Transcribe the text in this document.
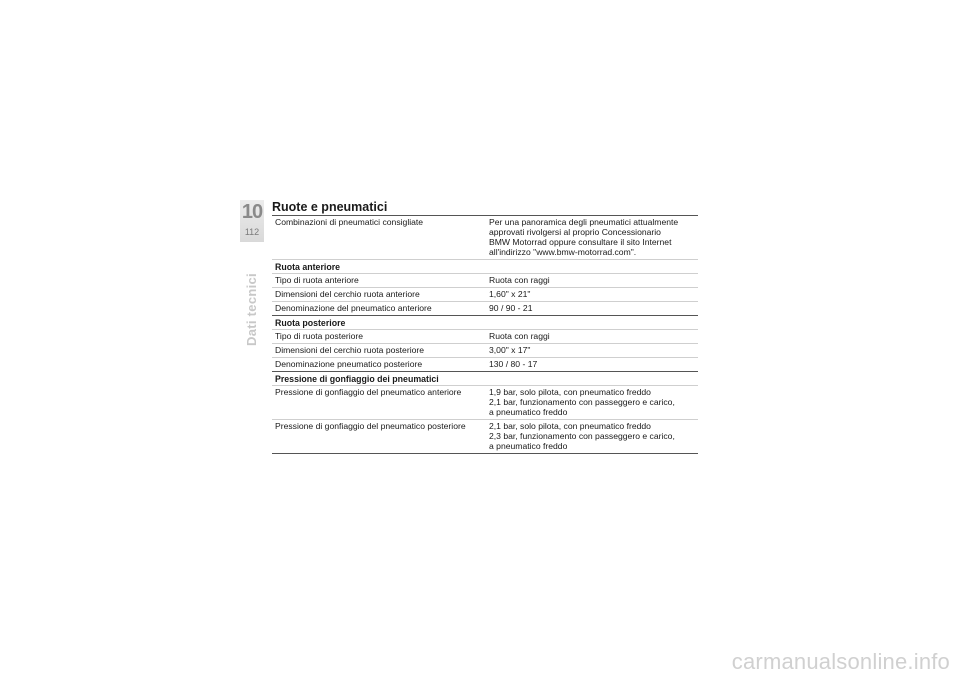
10
112
Dati tecnici
Ruote e pneumatici
Combinazioni di pneumatici consigliate	Per una panoramica degli pneumatici attualmente
approvati rivolgersi al proprio Concessionario
BMW Motorrad oppure consultare il sito Internet
all'indirizzo "www.bmw-motorrad.com".
Ruota anteriore
Tipo di ruota anteriore	Ruota con raggi
Dimensioni del cerchio ruota anteriore	1,60" x 21"
Denominazione del pneumatico anteriore	90 / 90 - 21
Ruota posteriore
Tipo di ruota posteriore	Ruota con raggi
Dimensioni del cerchio ruota posteriore	3,00" x 17"
Denominazione pneumatico posteriore	130 / 80 - 17
Pressione di gonfiaggio dei pneumatici
Pressione di gonfiaggio del pneumatico anteriore	1,9 bar, solo pilota, con pneumatico freddo
2,1 bar, funzionamento con passeggero e carico,
a pneumatico freddo
Pressione di gonfiaggio del pneumatico posteriore	2,1 bar, solo pilota, con pneumatico freddo
2,3 bar, funzionamento con passeggero e carico,
a pneumatico freddo
carmanualsonline.info
